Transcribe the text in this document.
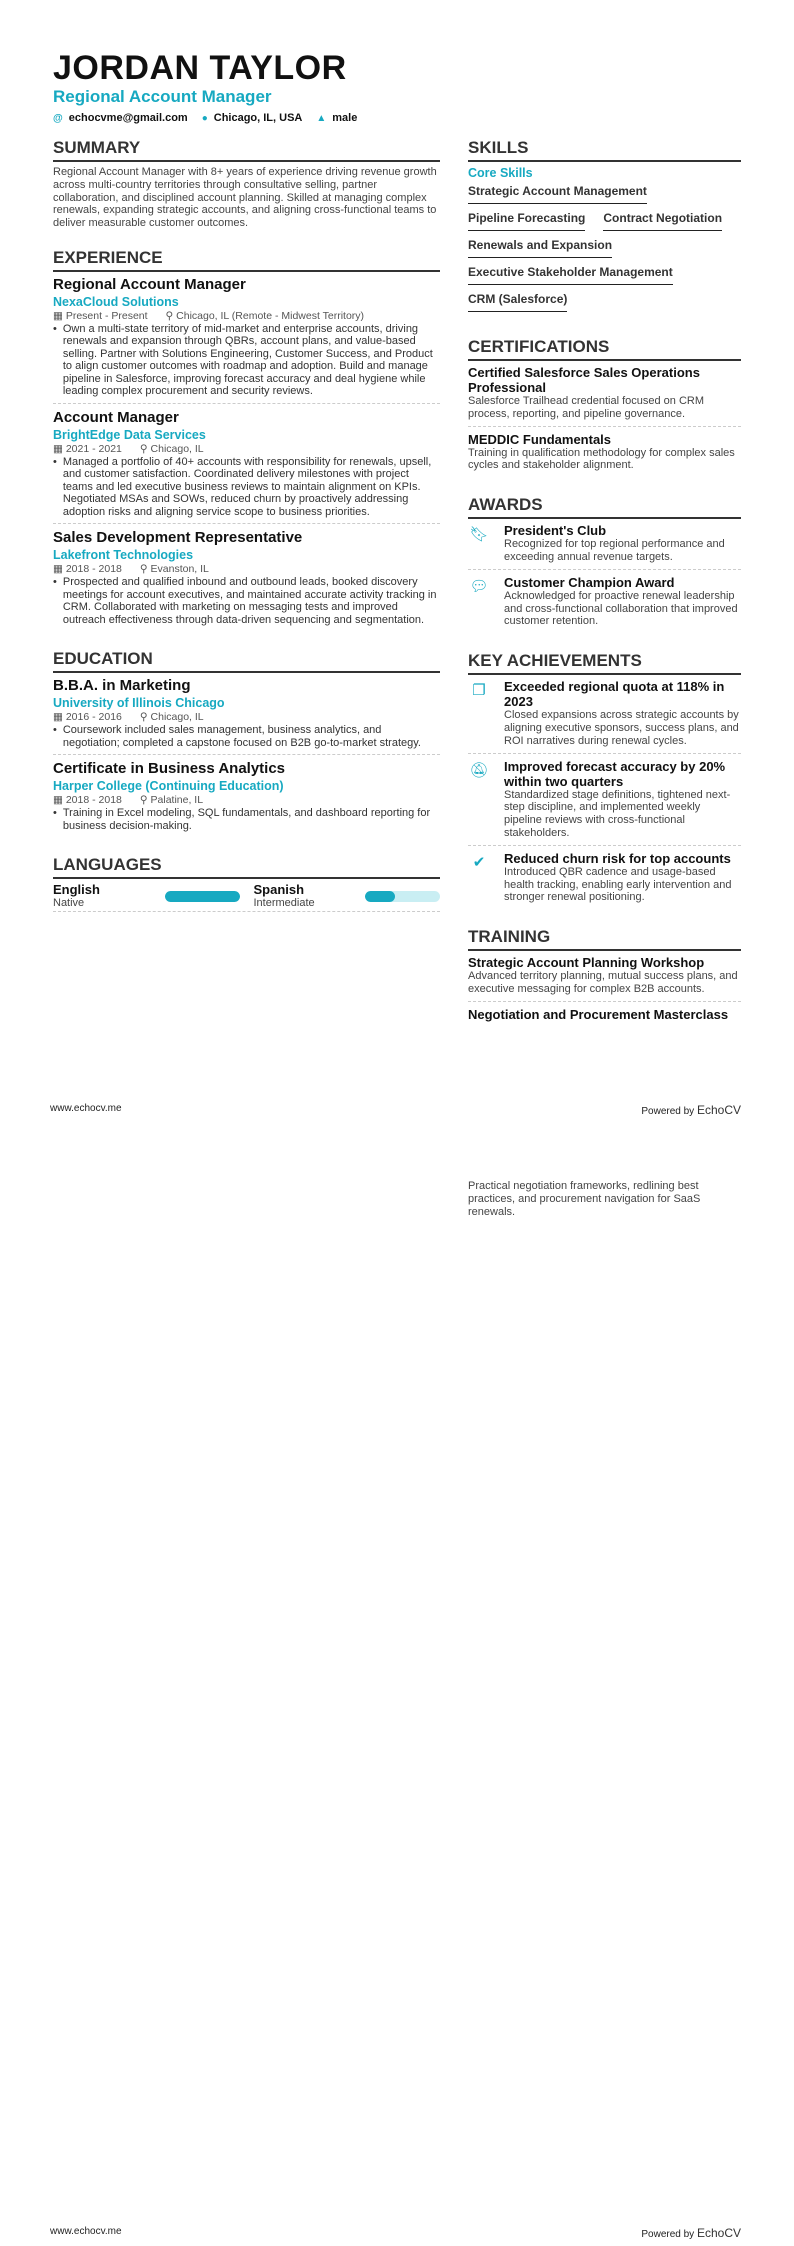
JORDAN TAYLOR
Regional Account Manager
@ echocvme@gmail.com ● Chicago, IL, USA ▲ male
SUMMARY
Regional Account Manager with 8+ years of experience driving revenue growth across multi-country territories through consultative selling, partner collaboration, and disciplined account planning. Skilled at managing complex renewals, expanding strategic accounts, and aligning cross-functional teams to deliver measurable customer outcomes.
EXPERIENCE
Regional Account Manager
NexaCloud Solutions
▦ Present - Present ⚲ Chicago, IL (Remote - Midwest Territory)
• Own a multi-state territory of mid-market and enterprise accounts, driving renewals and expansion through QBRs, account plans, and value-based selling. Partner with Solutions Engineering, Customer Success, and Product to align customer outcomes with roadmap and adoption. Build and manage pipeline in Salesforce, improving forecast accuracy and deal hygiene while leading complex procurement and security reviews.
Account Manager
BrightEdge Data Services
▦ 2021 - 2021 ⚲ Chicago, IL
• Managed a portfolio of 40+ accounts with responsibility for renewals, upsell, and customer satisfaction. Coordinated delivery milestones with project teams and led executive business reviews to maintain alignment on KPIs. Negotiated MSAs and SOWs, reduced churn by proactively addressing adoption risks and aligning service scope to business priorities.
Sales Development Representative
Lakefront Technologies
▦ 2018 - 2018 ⚲ Evanston, IL
• Prospected and qualified inbound and outbound leads, booked discovery meetings for account executives, and maintained accurate activity tracking in CRM. Collaborated with marketing on messaging tests and improved outreach effectiveness through data-driven sequencing and segmentation.
EDUCATION
B.B.A. in Marketing
University of Illinois Chicago
▦ 2016 - 2016 ⚲ Chicago, IL
• Coursework included sales management, business analytics, and negotiation; completed a capstone focused on B2B go-to-market strategy.
Certificate in Business Analytics
Harper College (Continuing Education)
▦ 2018 - 2018 ⚲ Palatine, IL
• Training in Excel modeling, SQL fundamentals, and dashboard reporting for business decision-making.
LANGUAGES
English
Native
Spanish
Intermediate
SKILLS
Core Skills
Strategic Account Management
Pipeline Forecasting Contract Negotiation
Renewals and Expansion
Executive Stakeholder Management
CRM (Salesforce)
CERTIFICATIONS
Certified Salesforce Sales Operations Professional
Salesforce Trailhead credential focused on CRM process, reporting, and pipeline governance.
MEDDIC Fundamentals
Training in qualification methodology for complex sales cycles and stakeholder alignment.
AWARDS
🔖︎ President's Club
Recognized for top regional performance and exceeding annual revenue targets.
💬︎ Customer Champion Award
Acknowledged for proactive renewal leadership and cross-functional collaboration that improved customer retention.
KEY ACHIEVEMENTS
❐	Exceeded regional quota at 118% in 2023
Closed expansions across strategic accounts by aligning executive sponsors, success plans, and ROI narratives during renewal cycles.
🔕︎ Improved forecast accuracy by 20% within two quarters
Standardized stage definitions, tightened next-step discipline, and implemented weekly pipeline reviews with cross-functional stakeholders.
✔	Reduced churn risk for top accounts
Introduced QBR cadence and usage-based health tracking, enabling early intervention and stronger renewal positioning.
TRAINING
Strategic Account Planning Workshop
Advanced territory planning, mutual success plans, and executive messaging for complex B2B accounts.
Negotiation and Procurement Masterclass
www.echocv.me	Powered by EchoCV
Practical negotiation frameworks, redlining best practices, and procurement navigation for SaaS renewals.
www.echocv.me	Powered by EchoCV
